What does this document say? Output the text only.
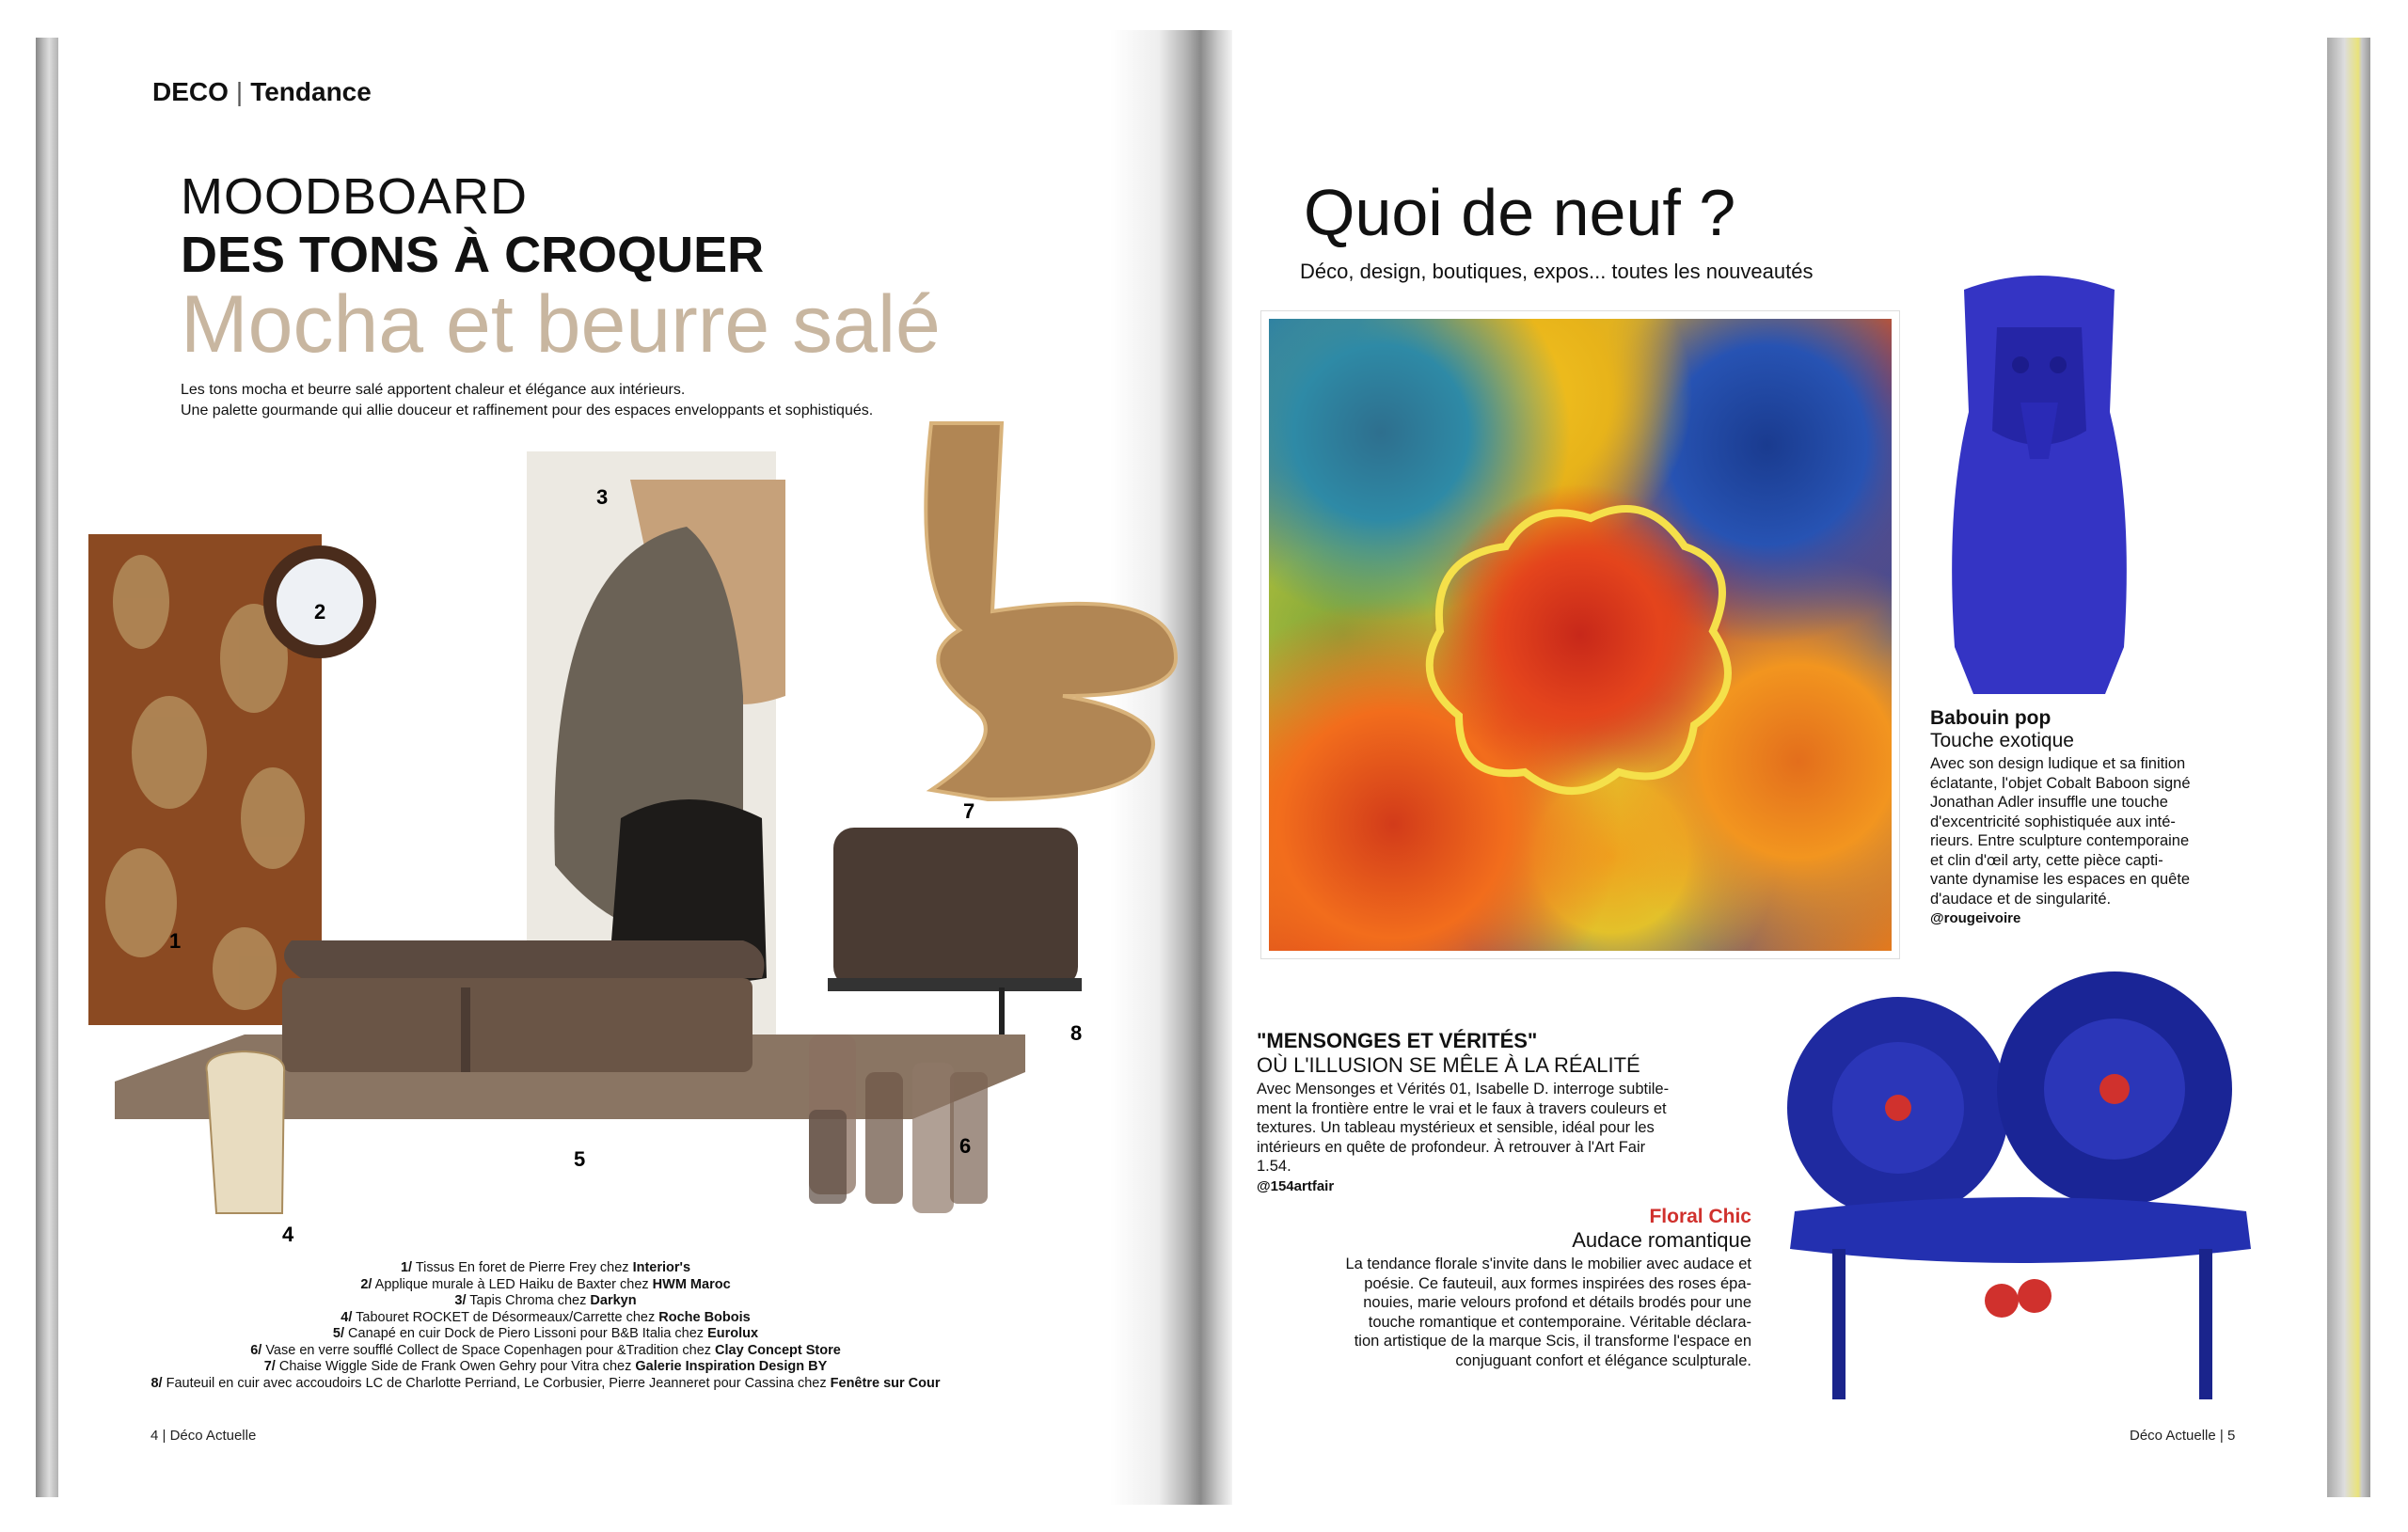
DECO | Tendance
MOODBOARD
DES TONS À CROQUER
Mocha et beurre salé
Les tons mocha et beurre salé apportent chaleur et élégance aux intérieurs.
Une palette gourmande qui allie douceur et raffinement pour des espaces enveloppants et sophistiqués.
1
2
3
4
5
6
7
8
1/ Tissus En foret de Pierre Frey chez Interior's
2/ Applique murale à LED Haiku de Baxter chez HWM Maroc
3/ Tapis Chroma chez Darkyn
4/ Tabouret ROCKET de Désormeaux/Carrette chez Roche Bobois
5/ Canapé en cuir Dock de Piero Lissoni pour B&B Italia chez Eurolux
6/ Vase en verre soufflé Collect de Space Copenhagen pour &Tradition chez Clay Concept Store
7/ Chaise Wiggle Side de Frank Owen Gehry pour Vitra chez Galerie Inspiration Design BY
8/ Fauteuil en cuir avec accoudoirs LC de Charlotte Perriand, Le Corbusier, Pierre Jeanneret pour Cassina chez Fenêtre sur Cour
4 | Déco Actuelle
Quoi de neuf ?
Déco, design, boutiques, expos... toutes les nouveautés
Babouin pop
Touche exotique
Avec son design ludique et sa finition
éclatante, l'objet Cobalt Baboon signé
Jonathan Adler insuffle une touche
d'excentricité sophistiquée aux inté-
rieurs. Entre sculpture contemporaine
et clin d'œil arty, cette pièce capti-
vante dynamise les espaces en quête
d'audace et de singularité.
@rougeivoire
"MENSONGES ET VÉRITÉS"
OÙ L'ILLUSION SE MÊLE À LA RÉALITÉ
Avec Mensonges et Vérités 01, Isabelle D. interroge subtile-
ment la frontière entre le vrai et le faux à travers couleurs et
textures. Un tableau mystérieux et sensible, idéal pour les
intérieurs en quête de profondeur. À retrouver à l'Art Fair
1.54.
@154artfair
Floral Chic
Audace romantique
La tendance florale s'invite dans le mobilier avec audace et
poésie. Ce fauteuil, aux formes inspirées des roses épa-
nouies, marie velours profond et détails brodés pour une
touche romantique et contemporaine. Véritable déclara-
tion artistique de la marque Scis, il transforme l'espace en
conjuguant confort et élégance sculpturale.
Déco Actuelle | 5
